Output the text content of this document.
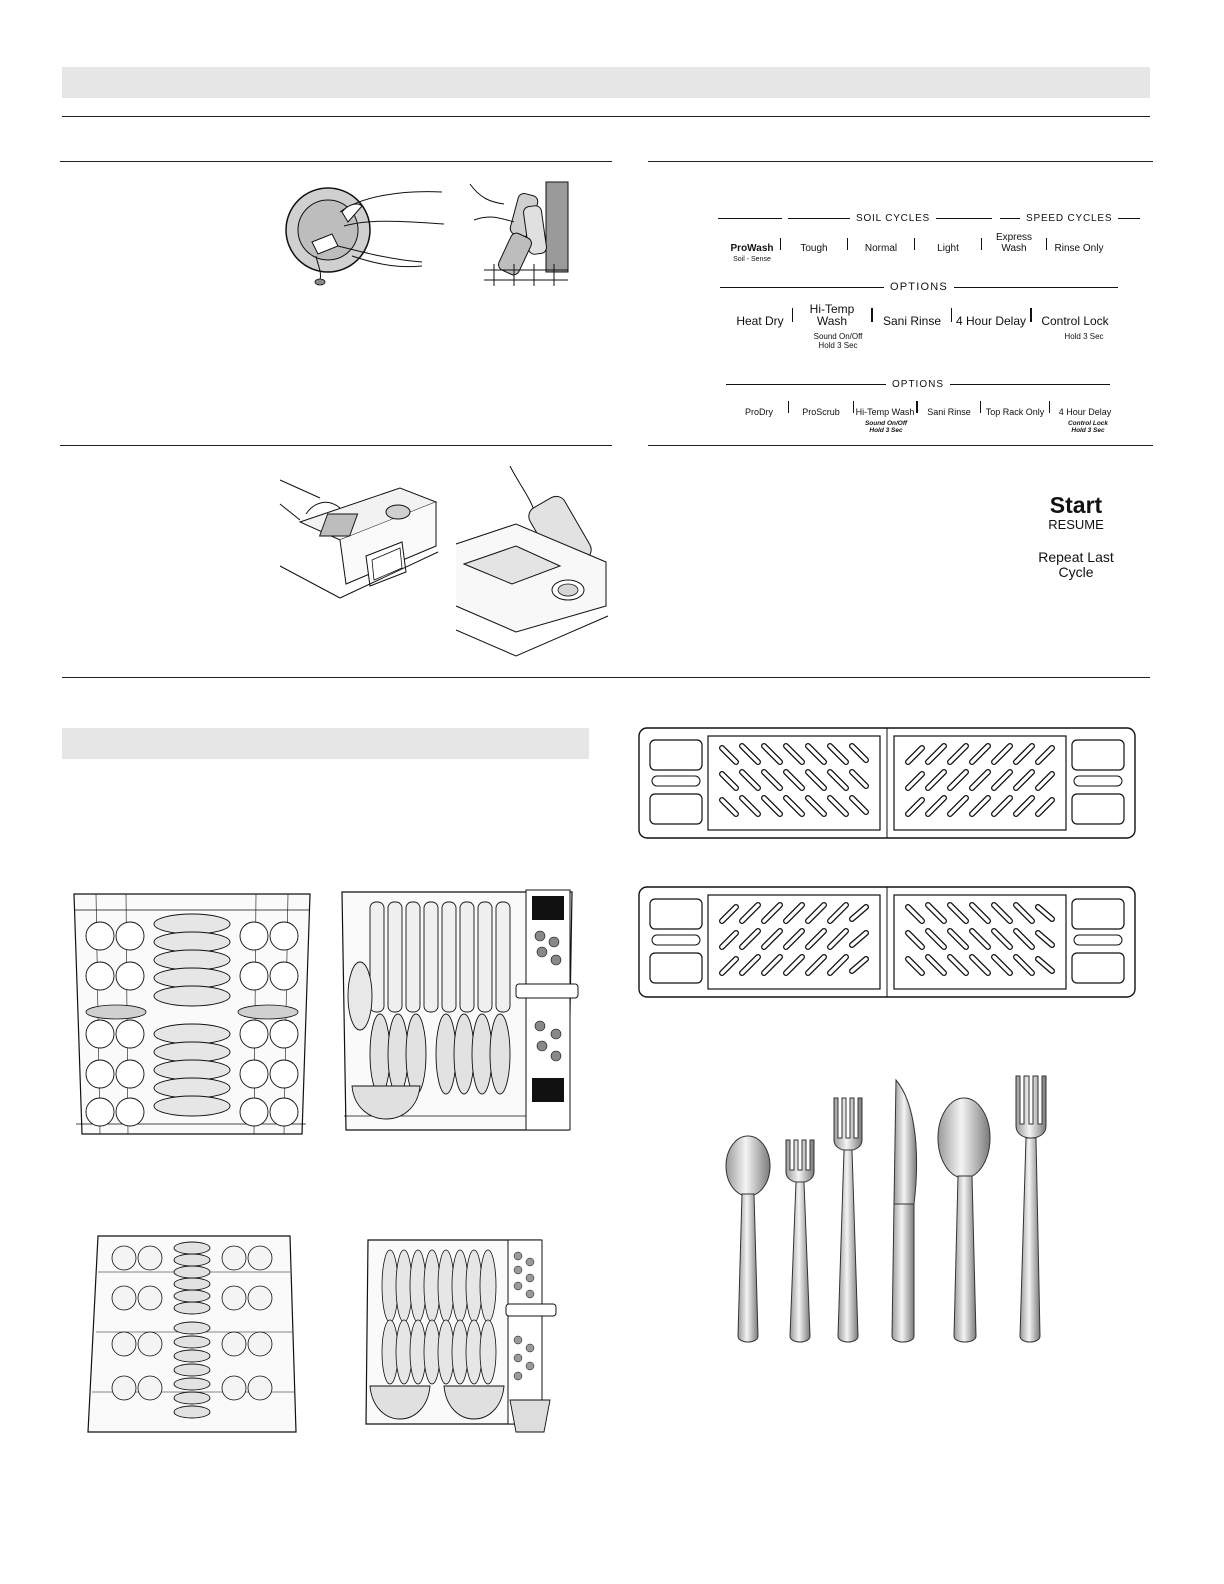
SOIL CYCLES	SPEED CYCLES
ProWash	Tough	Normal	Light
Express Wash	Rinse Only
Soil - Sense
OPTIONS
Heat Dry
Hi-Temp Wash	Sani Rinse	4 Hour Delay	Control Lock
Sound On/Off
Hold 3 Sec
Hold 3 Sec
OPTIONS
ProDry	ProScrub	Hi-Temp Wash	Sani Rinse	Top Rack Only	4 Hour Delay
Sound On/Off
Hold 3 Sec
Control Lock
Hold 3 Sec
Start
RESUME
Repeat Last
Cycle
